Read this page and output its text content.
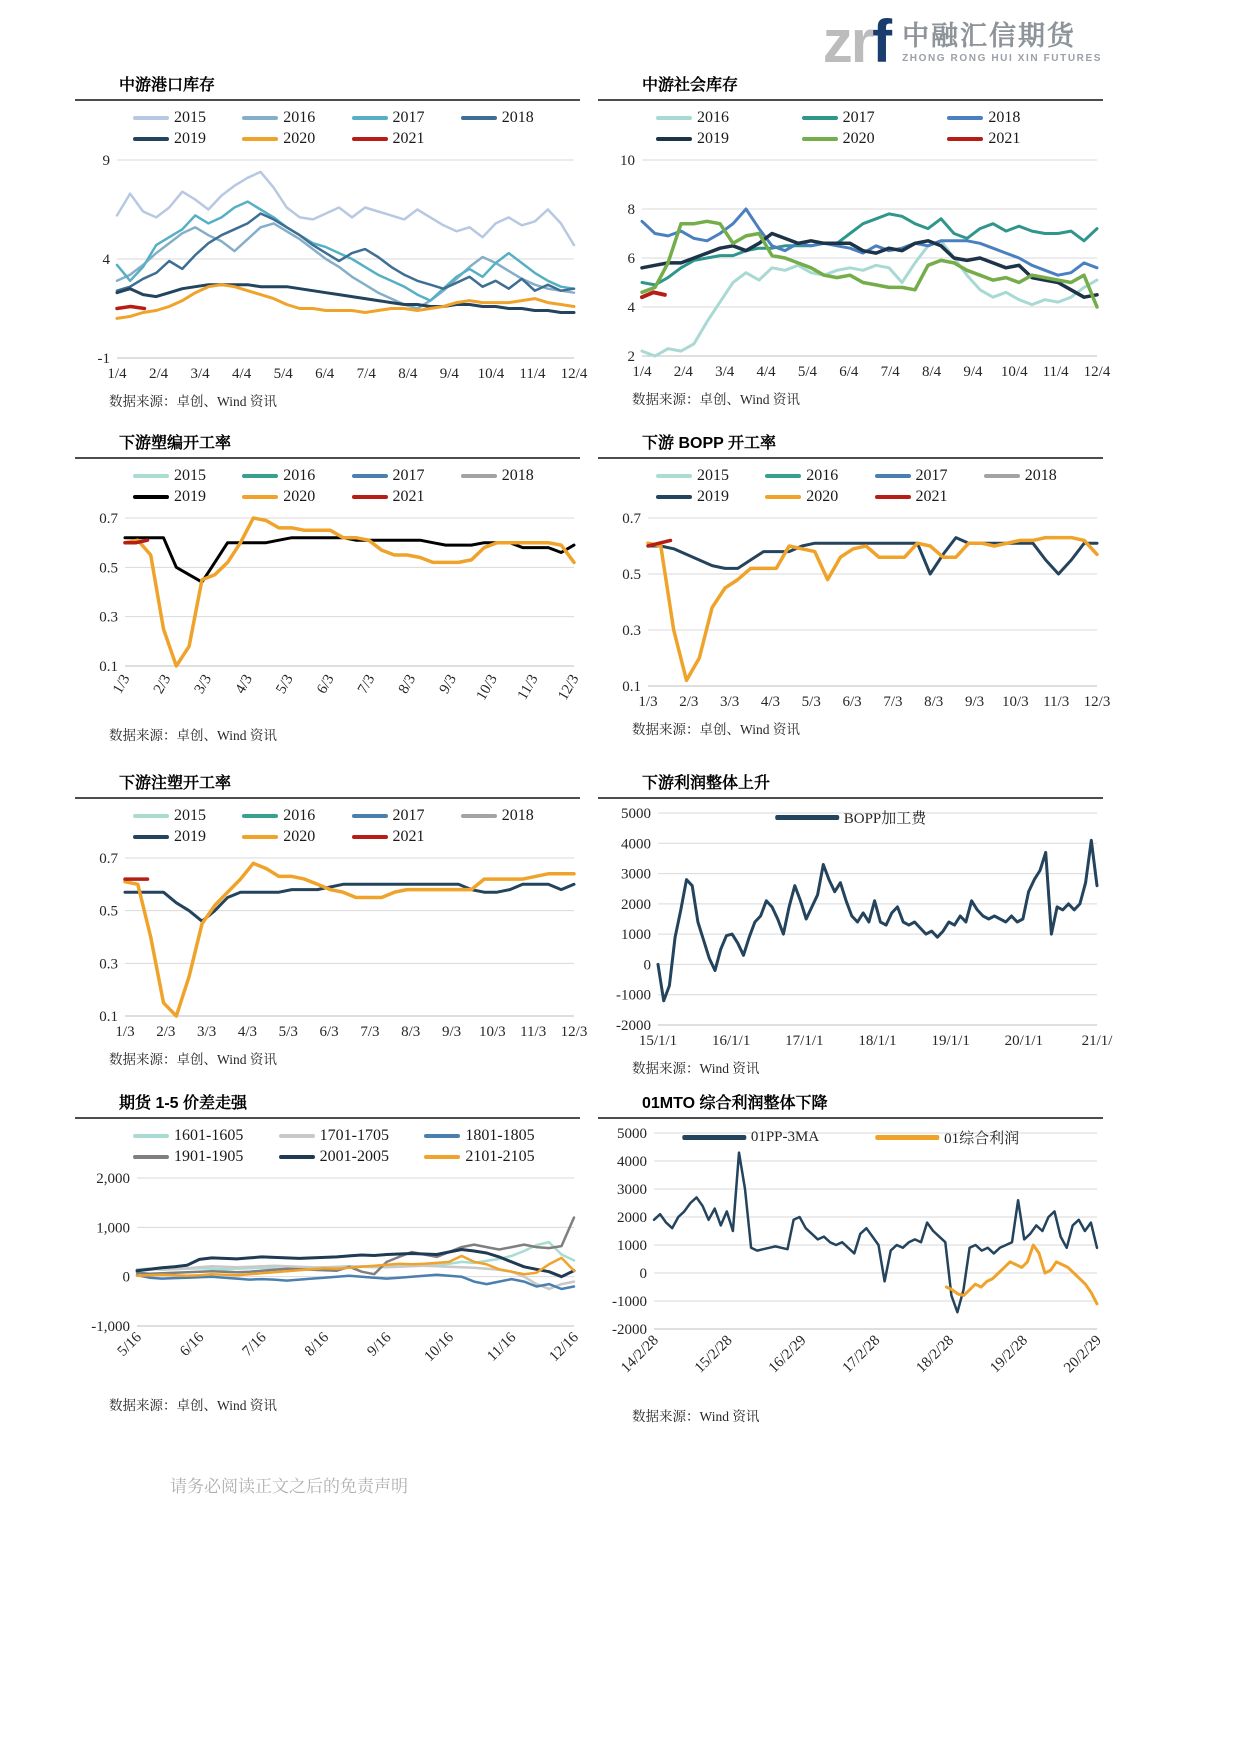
zrf 中融汇信期货
ZHONG RONG HUI XIN FUTURES
中游港口库存
2015	2016	2017	2018
2019	2020	2021
9
4
-1
1/4 2/4 3/4 4/4 5/4 6/4 7/4 8/4 9/4 10/4 11/4 12/4

数据来源：卓创、Wind 资讯

中游社会库存
2016	2017	2018
2019	2020	2021
10
8
6
4
2
1/4 2/4 3/4 4/4 5/4 6/4 7/4 8/4 9/4 10/4 11/4 12/4

数据来源：卓创、Wind 资讯

下游塑编开工率
2015	2016	2017	2018
2019	2020	2021
0.7
0.5
0.3
0.1
1/3 2/3 3/3 4/3 5/3 6/3 7/3 8/3 9/3 10/3 11/3 12/3

数据来源：卓创、Wind 资讯

下游 BOPP 开工率
2015	2016	2017	2018
2019	2020	2021
0.7
0.5
0.3
0.1
1/3 2/3 3/3 4/3 5/3 6/3 7/3 8/3 9/3 10/3 11/3 12/3

数据来源：卓创、Wind 资讯

下游注塑开工率
2015	2016	2017	2018
2019	2020	2021
0.7
0.5
0.3
0.1
1/3 2/3 3/3 4/3 5/3 6/3 7/3 8/3 9/3 10/3 11/3 12/3

数据来源：卓创、Wind 资讯

下游利润整体上升
5000
4000
3000
2000
1000
0
-1000
-2000
15/1/1 16/1/1 17/1/1 18/1/1 19/1/1 20/1/1	21/1/
BOPP加工费

数据来源：Wind 资讯

期货 1-5 价差走强
1601-1605	1701-1705	1801-1805
1901-1905	2001-2005	2101-2105
2,000
1,000
0
-1,000
5/16 6/16 7/16 8/16 9/16 10/16 11/16 12/16

数据来源：卓创、Wind 资讯

01MTO 综合利润整体下降
5000
4000
3000
2000
1000
0
-1000
-2000
14/2/28 15/2/28 16/2/29 17/2/28 18/2/28 19/2/28 20/2/29
01PP-3MA	01综合利润

数据来源：Wind 资讯

请务必阅读正文之后的免责声明
